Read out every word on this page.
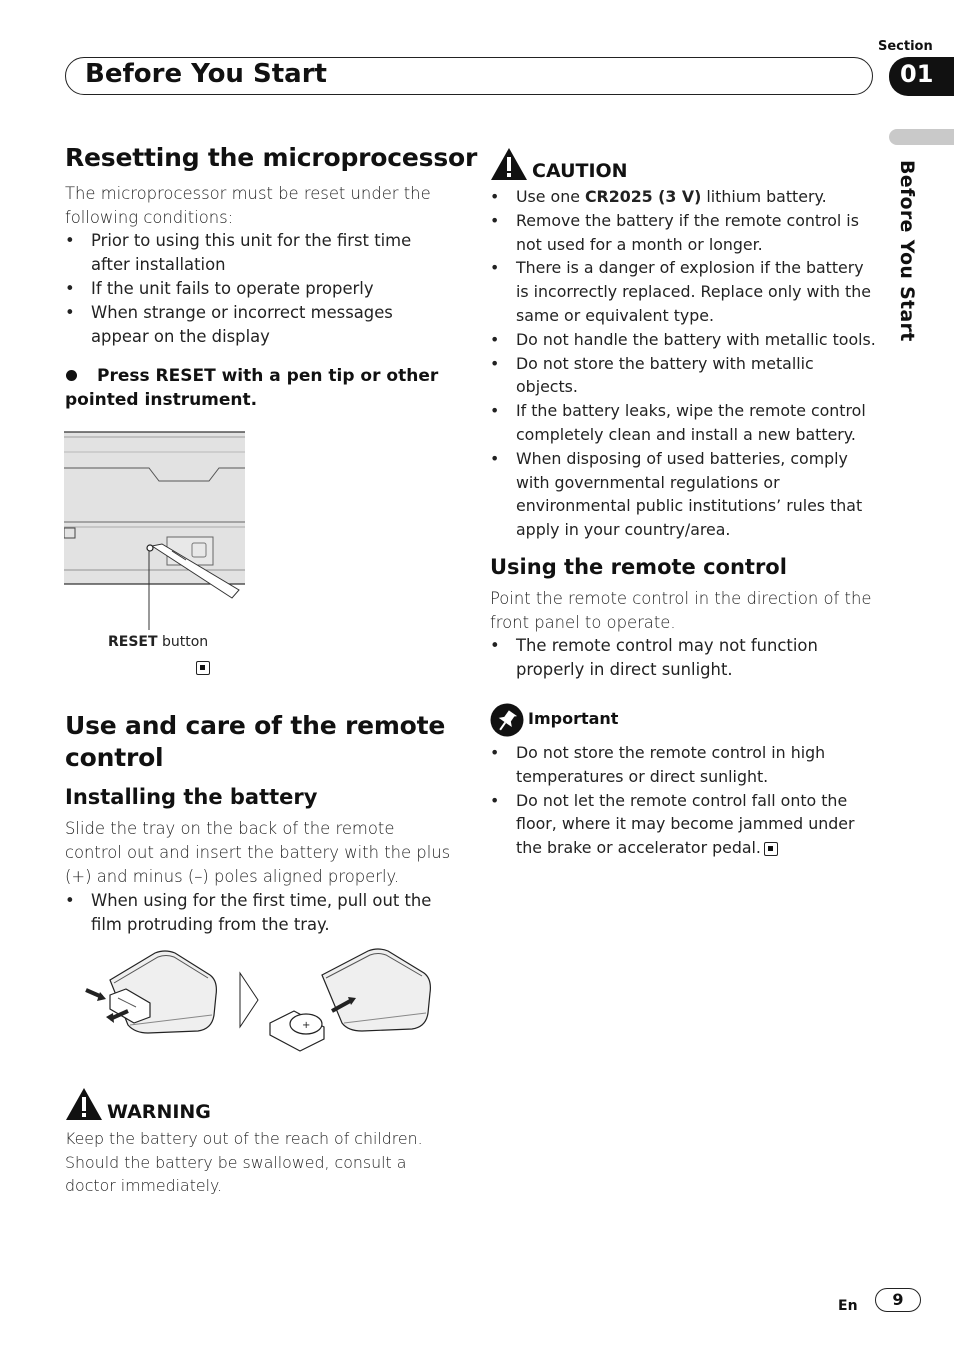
Section
Before You Start	01
Before You Start
Resetting the microprocessor

The microprocessor must be reset under the following conditions:

• Prior to using this unit for the first time after installation
• If the unit fails to operate properly
• When strange or incorrect messages appear on the display
Press RESET with a pen tip or other pointed instrument.
RESET button
Use and care of the remote control
Installing the battery

Slide the tray on the back of the remote control out and insert the battery with the plus (+) and minus (–) poles aligned properly.

• When using for the first time, pull out the film protruding from the tray.
+
WARNING

Keep the battery out of the reach of children. Should the battery be swallowed, consult a doctor immediately.

CAUTION
• Use one CR2025 (3 V) lithium battery.
• Remove the battery if the remote control is not used for a month or longer.
• There is a danger of explosion if the battery is incorrectly replaced. Replace only with the same or equivalent type.
• Do not handle the battery with metallic tools.
• Do not store the battery with metallic objects.
• If the battery leaks, wipe the remote control completely clean and install a new battery.
• When disposing of used batteries, comply with governmental regulations or environmental public institutions’ rules that apply in your country/area.
Using the remote control

Point the remote control in the direction of the front panel to operate.

• The remote control may not function properly in direct sunlight.
Important
• Do not store the remote control in high temperatures or direct sunlight.
• Do not let the remote control fall onto the floor, where it may become jammed under the brake or accelerator pedal.
En	9
